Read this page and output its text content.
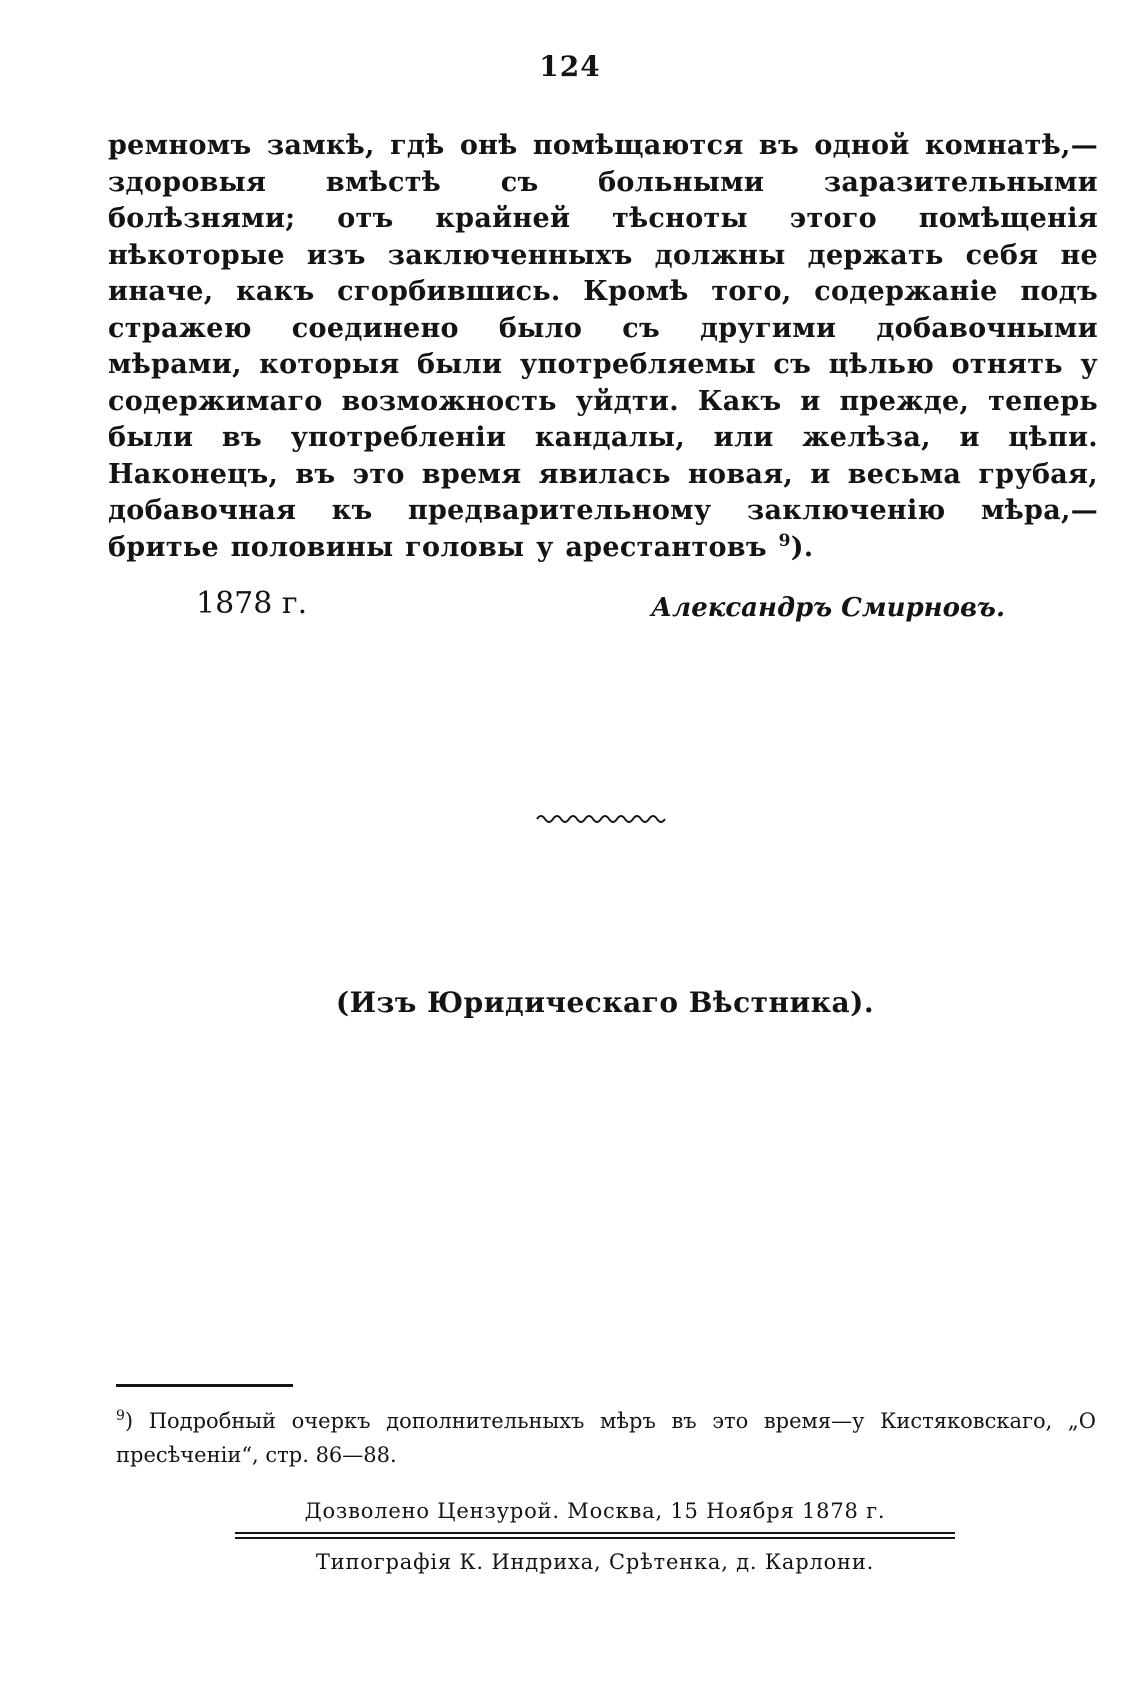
124

ремномъ замкѣ, гдѣ онѣ помѣщаются въ одной комнатѣ,—здоровыя вмѣстѣ съ больными заразительными болѣзнями; отъ крайней тѣсноты этого помѣщенія нѣкоторые изъ заключенныхъ должны держать себя не иначе, какъ сгорбившись. Кромѣ того, содержаніе подъ стражею соединено было съ другими добавочными мѣрами, которыя были употребляемы съ цѣлью отнять у содержимаго возможность уйдти. Какъ и прежде, теперь были въ употребленіи кандалы, или желѣза, и цѣпи. Наконецъ, въ это время явилась новая, и весьма грубая, добавочная къ предварительному заключенію мѣра,—бритье половины головы у арестантовъ $^9$).

1878 г.	Александръ Смирновъ.
(Изъ Юридическаго Вѣстника).

$^9$) Подробный очеркъ дополнительныхъ мѣръ въ это время—у Кистяковскаго, „О пресѣченіи“, стр. 86—88.

Дозволено Цензурой. Москва, 15 Ноября 1878 г.
Типографія К. Индриха, Срѣтенка, д. Карлони.
